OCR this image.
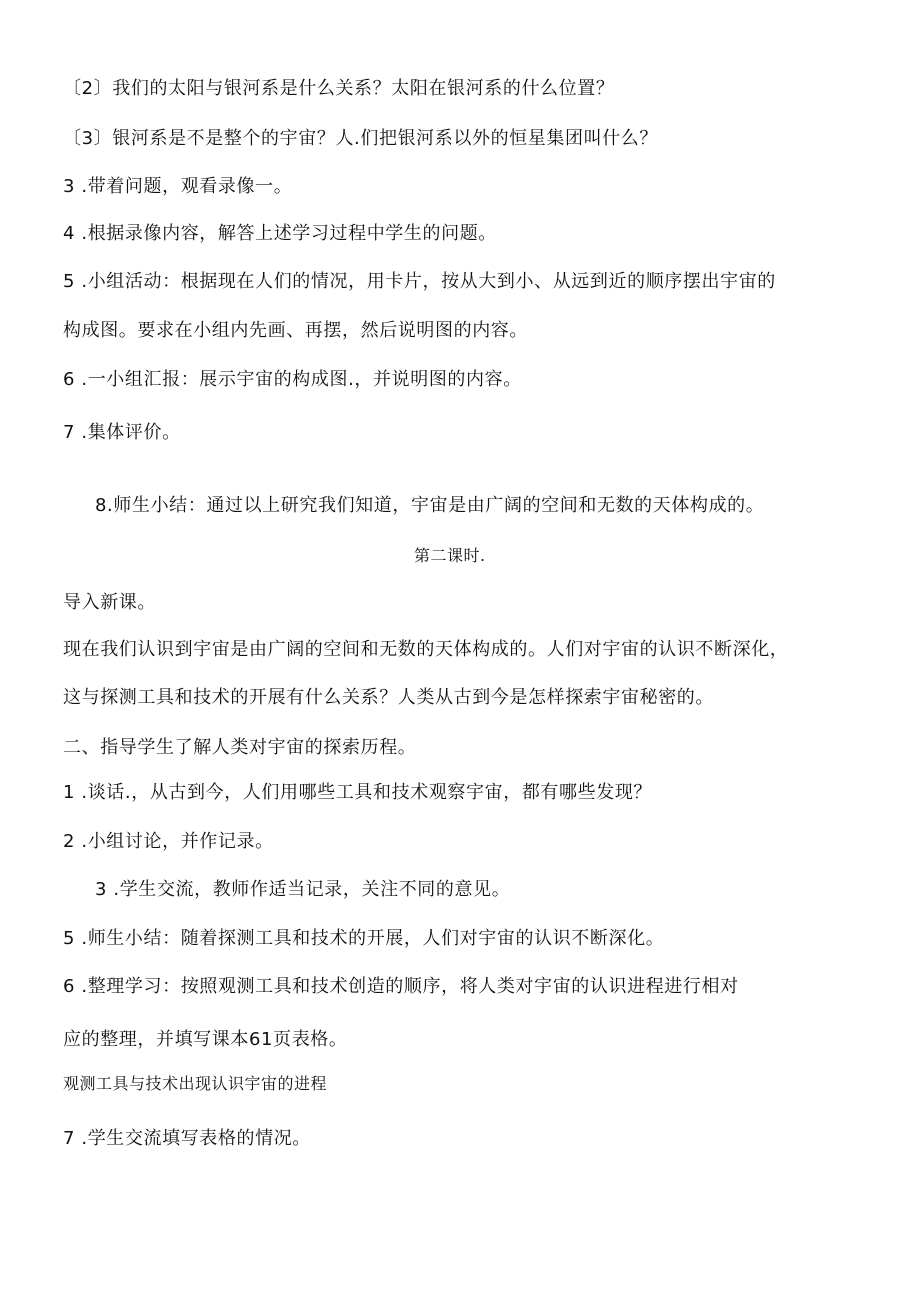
〔2〕我们的太阳与银河系是什么关系？太阳在银河系的什么位置？
〔3〕银河系是不是整个的宇宙？人.们把银河系以外的恒星集团叫什么？
3 .带着问题，观看录像一。
4 .根据录像内容，解答上述学习过程中学生的问题。
5 .小组活动：根据现在人们的情况，用卡片，按从大到小、从远到近的顺序摆出宇宙的
构成图。要求在小组内先画、再摆，然后说明图的内容。
6 .一小组汇报：展示宇宙的构成图.，并说明图的内容。
7 .集体评价。
8.师生小结：通过以上研究我们知道，宇宙是由广阔的空间和无数的天体构成的。
第二课时.
导入新课。
现在我们认识到宇宙是由广阔的空间和无数的天体构成的。人们对宇宙的认识不断深化，
这与探测工具和技术的开展有什么关系？人类从古到今是怎样探索宇宙秘密的。
二、指导学生了解人类对宇宙的探索历程。
1 .谈话.，从古到今，人们用哪些工具和技术观察宇宙，都有哪些发现？
2 .小组讨论，并作记录。
3 .学生交流，教师作适当记录，关注不同的意见。
5 .师生小结：随着探测工具和技术的开展，人们对宇宙的认识不断深化。
6 .整理学习：按照观测工具和技术创造的顺序，将人类对宇宙的认识进程进行相对
应的整理，并填写课本61页表格。
观测工具与技术出现认识宇宙的进程
7 .学生交流填写表格的情况。
